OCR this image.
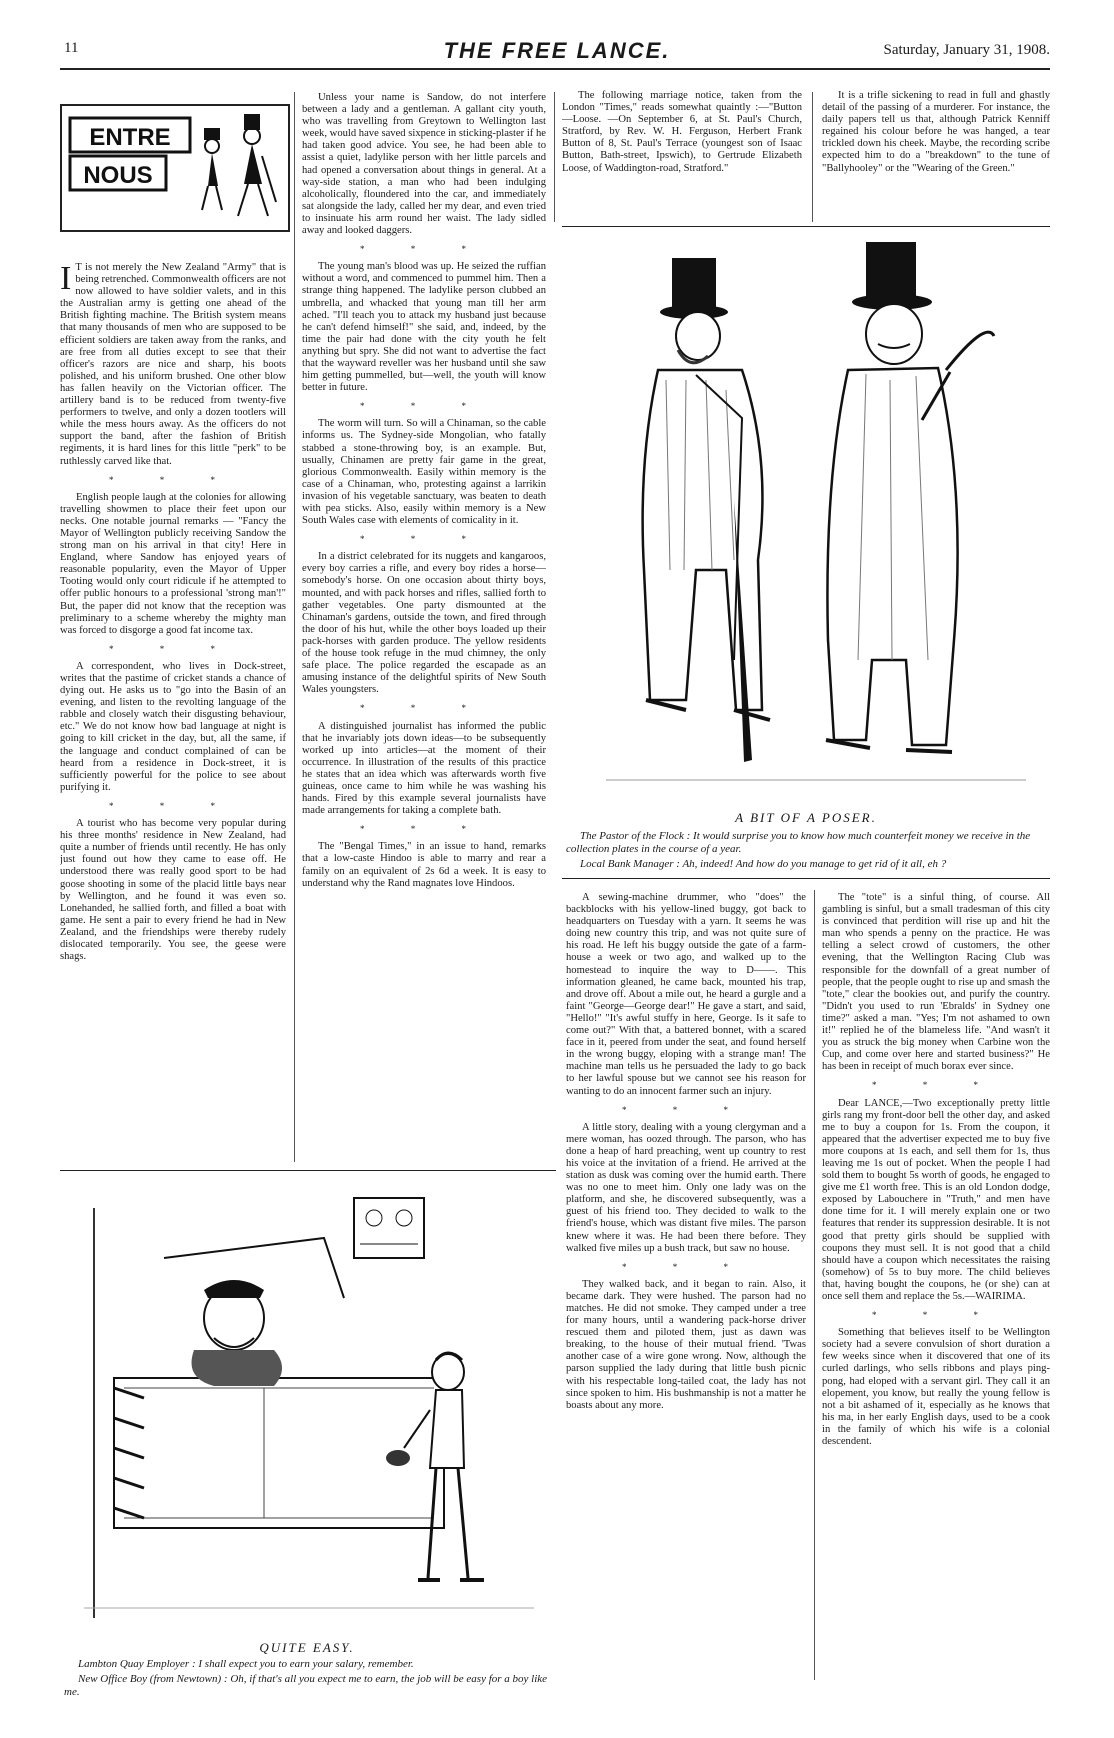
11	THE FREE LANCE.	Saturday, January 31, 1908.
ENTRE
NOUS

I T is not merely the New Zealand "Army" that is being retrenched. Commonwealth officers are not now allowed to have soldier valets, and in this the Australian army is getting one ahead of the British fighting machine. The British system means that many thousands of men who are supposed to be efficient soldiers are taken away from the ranks, and are free from all duties except to see that their officer's razors are nice and sharp, his boots polished, and his uniform brushed. One other blow has fallen heavily on the Victorian officer. The artillery band is to be reduced from twenty-five performers to twelve, and only a dozen tootlers will while the mess hours away. As the officers do not support the band, after the fashion of British regiments, it is hard lines for this little "perk" to be ruthlessly carved like that.

* * *

English people laugh at the colonies for allowing travelling showmen to place their feet upon our necks. One notable journal remarks — "Fancy the Mayor of Wellington publicly receiving Sandow the strong man on his arrival in that city! Here in England, where Sandow has enjoyed years of reasonable popularity, even the Mayor of Upper Tooting would only court ridicule if he attempted to offer public honours to a professional 'strong man'!" But, the paper did not know that the reception was preliminary to a scheme whereby the mighty man was forced to disgorge a good fat income tax.

* * *

A correspondent, who lives in Dock-street, writes that the pastime of cricket stands a chance of dying out. He asks us to "go into the Basin of an evening, and listen to the revolting language of the rabble and closely watch their disgusting behaviour, etc." We do not know how bad language at night is going to kill cricket in the day, but, all the same, if the language and conduct complained of can be heard from a residence in Dock-street, it is sufficiently powerful for the police to see about purifying it.

* * *

A tourist who has become very popular during his three months' residence in New Zealand, had quite a number of friends until recently. He has only just found out how they came to ease off. He understood there was really good sport to be had goose shooting in some of the placid little bays near by Wellington, and he found it was even so. Lonehanded, he sallied forth, and filled a boat with game. He sent a pair to every friend he had in New Zealand, and the friendships were thereby rudely dislocated temporarily. You see, the geese were shags.

Unless your name is Sandow, do not interfere between a lady and a gentleman. A gallant city youth, who was travelling from Greytown to Wellington last week, would have saved sixpence in sticking-plaster if he had taken good advice. You see, he had been able to assist a quiet, ladylike person with her little parcels and had opened a conversation about things in general. At a way-side station, a man who had been indulging alcoholically, floundered into the car, and immediately sat alongside the lady, called her my dear, and even tried to insinuate his arm round her waist. The lady sidled away and looked daggers.

* * *

The young man's blood was up. He seized the ruffian without a word, and commenced to pummel him. Then a strange thing happened. The ladylike person clubbed an umbrella, and whacked that young man till her arm ached. "I'll teach you to attack my husband just because he can't defend himself!" she said, and, indeed, by the time the pair had done with the city youth he felt anything but spry. She did not want to advertise the fact that the wayward reveller was her husband until she saw him getting pummelled, but—well, the youth will know better in future.

* * *

The worm will turn. So will a Chinaman, so the cable informs us. The Sydney-side Mongolian, who fatally stabbed a stone-throwing boy, is an example. But, usually, Chinamen are pretty fair game in the great, glorious Commonwealth. Easily within memory is the case of a Chinaman, who, protesting against a larrikin invasion of his vegetable sanctuary, was beaten to death with pea sticks. Also, easily within memory is a New South Wales case with elements of comicality in it.

* * *

In a district celebrated for its nuggets and kangaroos, every boy carries a rifle, and every boy rides a horse—somebody's horse. On one occasion about thirty boys, mounted, and with pack horses and rifles, sallied forth to gather vegetables. One party dismounted at the Chinaman's gardens, outside the town, and fired through the door of his hut, while the other boys loaded up their pack-horses with garden produce. The yellow residents of the house took refuge in the mud chimney, the only safe place. The police regarded the escapade as an amusing instance of the delightful spirits of New South Wales youngsters.

* * *

A distinguished journalist has informed the public that he invariably jots down ideas—to be subsequently worked up into articles—at the moment of their occurrence. In illustration of the results of this practice he states that an idea which was afterwards worth five guineas, once came to him while he was washing his hands. Fired by this example several journalists have made arrangements for taking a complete bath.

* * *

The "Bengal Times," in an issue to hand, remarks that a low-caste Hindoo is able to marry and rear a family on an equivalent of 2s 6d a week. It is easy to understand why the Rand magnates love Hindoos.

The following marriage notice, taken from the London "Times," reads somewhat quaintly :—"Button—Loose. —On September 6, at St. Paul's Church, Stratford, by Rev. W. H. Ferguson, Herbert Frank Button of 8, St. Paul's Terrace (youngest son of Isaac Button, Bath-street, Ipswich), to Gertrude Elizabeth Loose, of Waddington-road, Stratford."

It is a trifle sickening to read in full and ghastly detail of the passing of a murderer. For instance, the daily papers tell us that, although Patrick Kenniff regained his colour before he was hanged, a tear trickled down his cheek. Maybe, the recording scribe expected him to do a "breakdown" to the tune of "Ballyhooley" or the "Wearing of the Green."

A BIT OF A POSER.

The Pastor of the Flock : It would surprise you to know how much counterfeit money we receive in the collection plates in the course of a year.

Local Bank Manager : Ah, indeed! And how do you manage to get rid of it all, eh ?

QUITE EASY.

Lambton Quay Employer : I shall expect you to earn your salary, remember.

New Office Boy (from Newtown) : Oh, if that's all you expect me to earn, the job will be easy for a boy like me.

A sewing-machine drummer, who "does" the backblocks with his yellow-lined buggy, got back to headquarters on Tuesday with a yarn. It seems he was doing new country this trip, and was not quite sure of his road. He left his buggy outside the gate of a farm-house a week or two ago, and walked up to the homestead to inquire the way to D——. This information gleaned, he came back, mounted his trap, and drove off. About a mile out, he heard a gurgle and a faint "George—George dear!" He gave a start, and said, "Hello!" "It's awful stuffy in here, George. Is it safe to come out?" With that, a battered bonnet, with a scared face in it, peered from under the seat, and found herself in the wrong buggy, eloping with a strange man! The machine man tells us he persuaded the lady to go back to her lawful spouse but we cannot see his reason for wanting to do an innocent farmer such an injury.

* * *

A little story, dealing with a young clergyman and a mere woman, has oozed through. The parson, who has done a heap of hard preaching, went up country to rest his voice at the invitation of a friend. He arrived at the station as dusk was coming over the humid earth. There was no one to meet him. Only one lady was on the platform, and she, he discovered subsequently, was a guest of his friend too. They decided to walk to the friend's house, which was distant five miles. The parson knew where it was. He had been there before. They walked five miles up a bush track, but saw no house.

* * *

They walked back, and it began to rain. Also, it became dark. They were hushed. The parson had no matches. He did not smoke. They camped under a tree for many hours, until a wandering pack-horse driver rescued them and piloted them, just as dawn was breaking, to the house of their mutual friend. 'Twas another case of a wire gone wrong. Now, although the parson supplied the lady during that little bush picnic with his respectable long-tailed coat, the lady has not since spoken to him. His bushmanship is not a matter he boasts about any more.

The "tote" is a sinful thing, of course. All gambling is sinful, but a small tradesman of this city is convinced that perdition will rise up and hit the man who spends a penny on the practice. He was telling a select crowd of customers, the other evening, that the Wellington Racing Club was responsible for the downfall of a great number of people, that the people ought to rise up and smash the "tote," clear the bookies out, and purify the country. "Didn't you used to run 'Ebralds' in Sydney one time?" asked a man. "Yes; I'm not ashamed to own it!" replied he of the blameless life. "And wasn't it you as struck the big money when Carbine won the Cup, and come over here and started business?" He has been in receipt of much borax ever since.

* * *

Dear LANCE,—Two exceptionally pretty little girls rang my front-door bell the other day, and asked me to buy a coupon for 1s. From the coupon, it appeared that the advertiser expected me to buy five more coupons at 1s each, and sell them for 1s, thus leaving me 1s out of pocket. When the people I had sold them to bought 5s worth of goods, he engaged to give me £1 worth free. This is an old London dodge, exposed by Labouchere in "Truth," and men have done time for it. I will merely explain one or two features that render its suppression desirable. It is not good that pretty girls should be supplied with coupons they must sell. It is not good that a child should have a coupon which necessitates the raising (somehow) of 5s to buy more. The child believes that, having bought the coupons, he (or she) can at once sell them and replace the 5s.—WAIRIMA.

* * *

Something that believes itself to be Wellington society had a severe convulsion of short duration a few weeks since when it discovered that one of its curled darlings, who sells ribbons and plays ping-pong, had eloped with a servant girl. They call it an elopement, you know, but really the young fellow is not a bit ashamed of it, especially as he knows that his ma, in her early English days, used to be a cook in the family of which his wife is a colonial descendent.
